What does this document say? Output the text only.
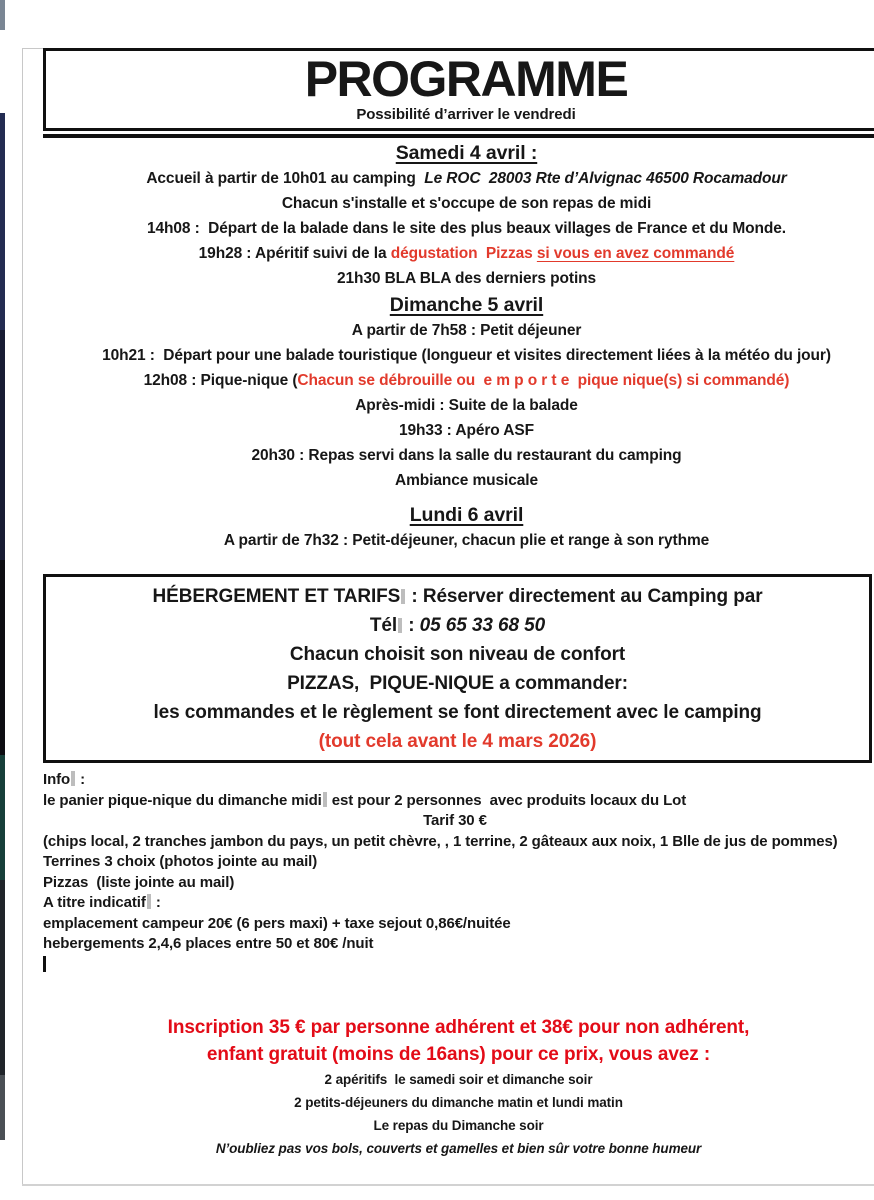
PROGRAMME
Possibilité d’arriver le vendredi
Samedi 4 avril :
Accueil à partir de 10h01 au camping  Le ROC  28003 Rte d’Alvignac 46500 Rocamadour
Chacun s'installe et s'occupe de son repas de midi
14h08 :  Départ de la balade dans le site des plus beaux villages de France et du Monde.
19h28 : Apéritif suivi de la dégustation  Pizzas si vous en avez commandé
21h30 BLA BLA des derniers potins
Dimanche 5 avril
A partir de 7h58 : Petit déjeuner
10h21 :  Départ pour une balade touristique (longueur et visites directement liées à la météo du jour)
12h08 : Pique-nique (Chacun se débrouille ou  e m p o r t e  pique nique(s) si commandé)
Après-midi : Suite de la balade
19h33 : Apéro ASF
20h30 : Repas servi dans la salle du restaurant du camping
Ambiance musicale
Lundi 6 avril
A partir de 7h32 : Petit-déjeuner, chacun plie et range à son rythme
HÉBERGEMENT ET TARIFS : Réserver directement au Camping par
Tél : 05 65 33 68 50
Chacun choisit son niveau de confort
PIZZAS,  PIQUE-NIQUE a commander:
les commandes et le règlement se font directement avec le camping
(tout cela avant le 4 mars 2026)
Info :
le panier pique-nique du dimanche midi est pour 2 personnes  avec produits locaux du Lot
Tarif 30 €
(chips local, 2 tranches jambon du pays, un petit chèvre, , 1 terrine, 2 gâteaux aux noix, 1 Blle de jus de pommes)
Terrines 3 choix (photos jointe au mail)
Pizzas  (liste jointe au mail)
A titre indicatif :
emplacement campeur 20€ (6 pers maxi) + taxe sejout 0,86€/nuitée
hebergements 2,4,6 places entre 50 et 80€ /nuit
Inscription 35 € par personne adhérent et 38€ pour non adhérent,
enfant gratuit (moins de 16ans) pour ce prix, vous avez :
2 apéritifs  le samedi soir et dimanche soir
2 petits-déjeuners du dimanche matin et lundi matin
Le repas du Dimanche soir
N’oubliez pas vos bols, couverts et gamelles et bien sûr votre bonne humeur
